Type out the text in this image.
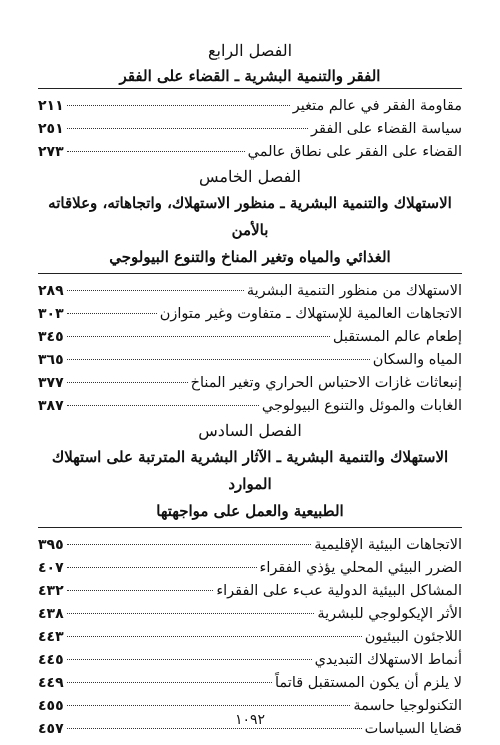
الفصل الرابع
الفقر والتنمية البشرية ـ القضاء على الفقر
مقاومة الفقر في عالم متغير
٢١١
سياسة القضاء على الفقر
٢٥١
القضاء على الفقر على نطاق عالمي
٢٧٣
الفصل الخامس
الاستهلاك والتنمية البشرية ـ منظور الاستهلاك، واتجاهاته، وعلاقاته بالأمن
الغذائي والمياه وتغير المناخ والتنوع البيولوجي
الاستهلاك من منظور التنمية البشرية
٢٨٩
الاتجاهات العالمية للإستهلاك ـ متفاوت وغير متوازن
٣٠٣
إطعام عالم المستقبل
٣٤٥
المياه والسكان
٣٦٥
إنبعاثات غازات الاحتباس الحراري وتغير المناخ
٣٧٧
الغابات والموئل والتنوع البيولوجي
٣٨٧
الفصل السادس
الاستهلاك والتنمية البشرية ـ الآثار البشرية المترتبة على استهلاك الموارد
الطبيعية والعمل على مواجهتها
الاتجاهات البيئية الإقليمية
٣٩٥
الضرر البيئي المحلي يؤذي الفقراء
٤٠٧
المشاكل البيئية الدولية عبء على الفقراء
٤٣٢
الأثر الإيكولوجي للبشرية
٤٣٨
اللاجئون البيئيون
٤٤٣
أنماط الاستهلاك التبديدي
٤٤٥
لا يلزم أن يكون المستقبل قاتماً
٤٤٩
التكنولوجيا حاسمة
٤٥٥
قضايا السياسات
٤٥٧
١٠٩٢
